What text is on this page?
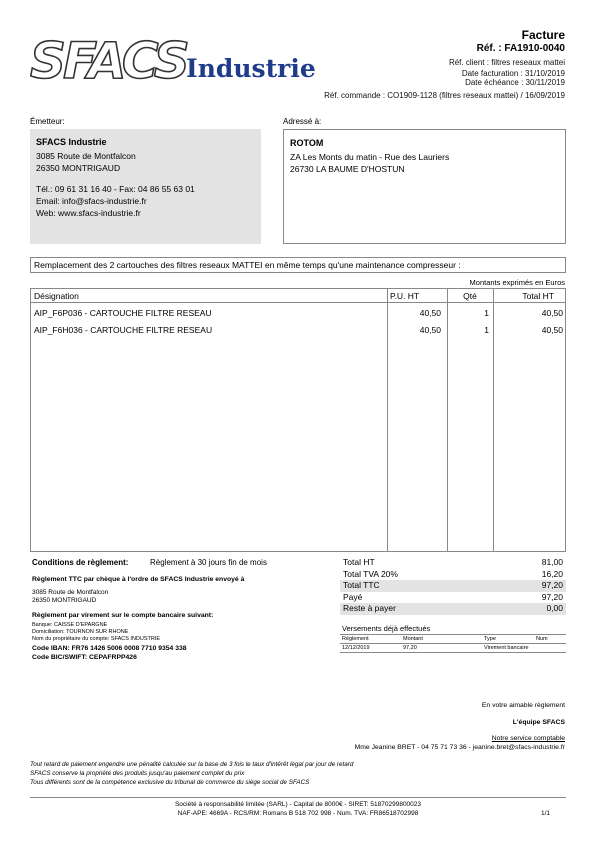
SFACS Industrie
Facture
Réf. : FA1910-0040
Réf. client : filtres reseaux mattei
Date facturation : 31/10/2019
Date échéance : 30/11/2019
Réf. commande : CO1909-1128 (filtres reseaux mattei) / 16/09/2019
Émetteur:	Adressé à:
SFACS Industrie
3085 Route de Montfalcon
26350 MONTRIGAUD
Tél.: 09 61 31 16 40 - Fax: 04 86 55 63 01
Email: info@sfacs-industrie.fr
Web: www.sfacs-industrie.fr
ROTOM
ZA Les Monts du matin - Rue des Lauriers
26730 LA BAUME D'HOSTUN
Remplacement des 2 cartouches des filtres reseaux MATTEI en même temps qu'une maintenance compresseur :
Montants exprimés en Euros
Désignation	P.U. HT	Qté	Total HT
AIP_F6P036 - CARTOUCHE FILTRE RESEAU	40,50	1	40,50
AIP_F6H036 - CARTOUCHE FILTRE RESEAU	40,50	1	40,50
Conditions de règlement:	Règlement à 30 jours fin de mois
Règlement TTC par chèque à l'ordre de SFACS Industrie envoyé à
3085 Route de Montfalcon
26350 MONTRIGAUD
Règlement par virement sur le compte bancaire suivant:
Banque: CAISSE D'EPARGNE
Domiciliation: TOURNON SUR RHONE
Nom du propriétaire du compte: SFACS INDUSTRIE
Code IBAN: FR76 1426 5006 0008 7710 9354 338
Code BIC/SWIFT: CEPAFRPP426
Total HT	81,00
Total TVA 20%	16,20
Total TTC	97,20
Payé	97,20
Reste à payer	0,00
Versements déjà effectués
Règlement	Montant	Type	Num
12/12/2019	97,20	Virement bancaire
En votre aimable règlement
L'équipe SFACS
Notre service comptable
Mme Jeanine BRET - 04 75 71 73 36 - jeanine.bret@sfacs-industrie.fr
Tout retard de paiement engendre une pénalité calculée sur la base de 3 fois le taux d'intérêt légal par jour de retard
SFACS conserve la propriété des produits jusqu'au paiement complet du prix
Tous différents sont de la compétence exclusive du tribunal de commerce du siège social de SFACS
Société à responsabilité limitée (SARL) - Capital de 8000€ - SIRET: 51870299800023
NAF-APE: 4669A - RCS/RM: Romans B 518 702 998 - Num. TVA: FR86518702998	1/1
